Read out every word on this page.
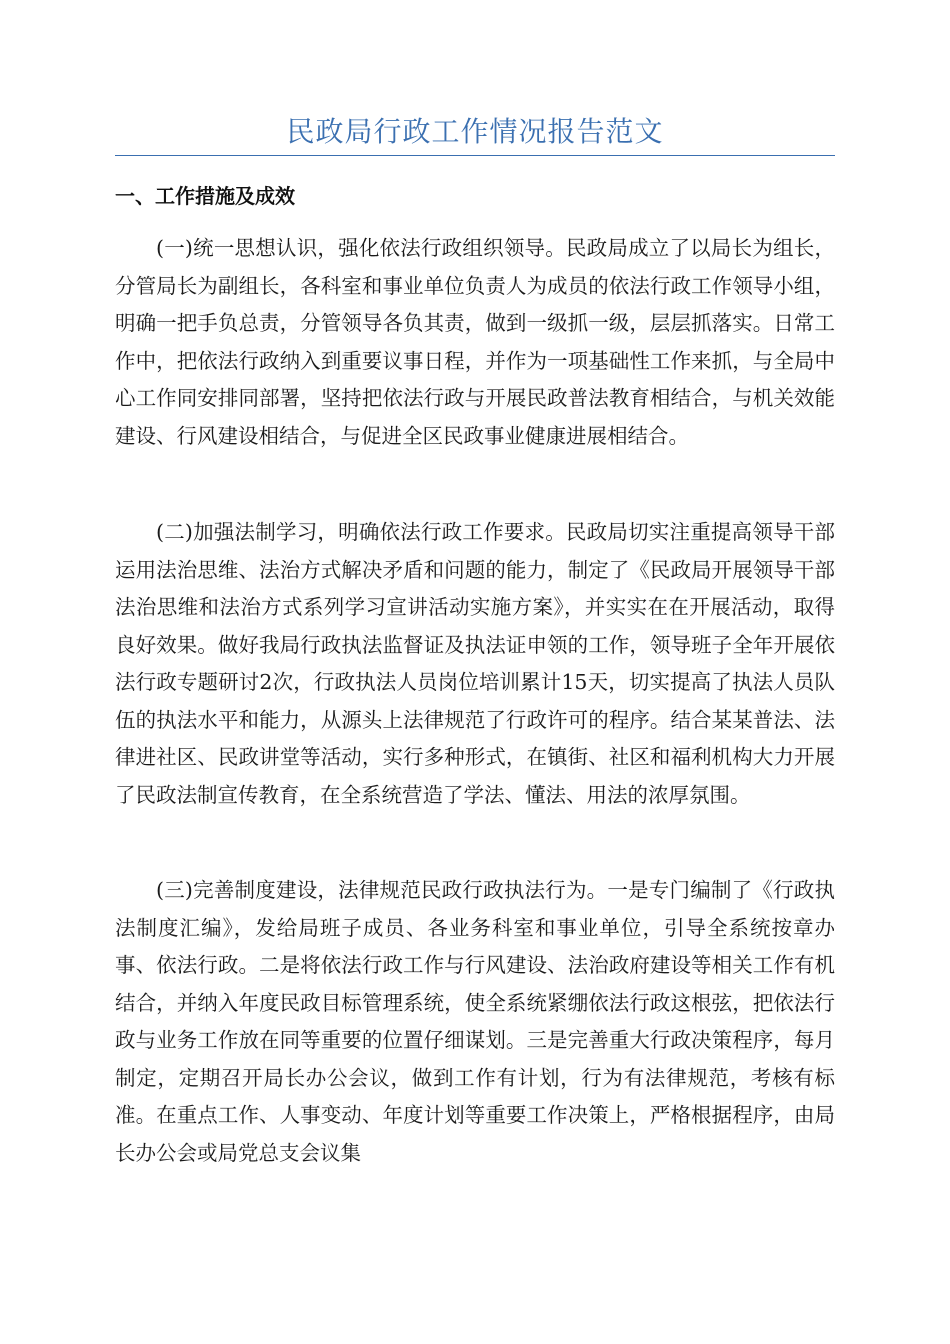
民政局行政工作情况报告范文
一、工作措施及成效

(一)统一思想认识，强化依法行政组织领导。民政局成立了以局长为组长，分管局长为副组长，各科室和事业单位负责人为成员的依法行政工作领导小组，明确一把手负总责，分管领导各负其责，做到一级抓一级，层层抓落实。日常工作中，把依法行政纳入到重要议事日程，并作为一项基础性工作来抓，与全局中心工作同安排同部署，坚持把依法行政与开展民政普法教育相结合，与机关效能建设、行风建设相结合，与促进全区民政事业健康进展相结合。

(二)加强法制学习，明确依法行政工作要求。民政局切实注重提高领导干部运用法治思维、法治方式解决矛盾和问题的能力，制定了《民政局开展领导干部法治思维和法治方式系列学习宣讲活动实施方案》，并实实在在开展活动，取得良好效果。做好我局行政执法监督证及执法证申领的工作，领导班子全年开展依法行政专题研讨2次，行政执法人员岗位培训累计15天，切实提高了执法人员队伍的执法水平和能力，从源头上法律规范了行政许可的程序。结合某某普法、法律进社区、民政讲堂等活动，实行多种形式，在镇街、社区和福利机构大力开展了民政法制宣传教育，在全系统营造了学法、懂法、用法的浓厚氛围。

(三)完善制度建设，法律规范民政行政执法行为。一是专门编制了《行政执法制度汇编》，发给局班子成员、各业务科室和事业单位，引导全系统按章办事、依法行政。二是将依法行政工作与行风建设、法治政府建设等相关工作有机结合，并纳入年度民政目标管理系统，使全系统紧绷依法行政这根弦，把依法行政与业务工作放在同等重要的位置仔细谋划。三是完善重大行政决策程序，每月制定，定期召开局长办公会议，做到工作有计划，行为有法律规范，考核有标准。在重点工作、人事变动、年度计划等重要工作决策上，严格根据程序，由局长办公会或局党总支会议集
